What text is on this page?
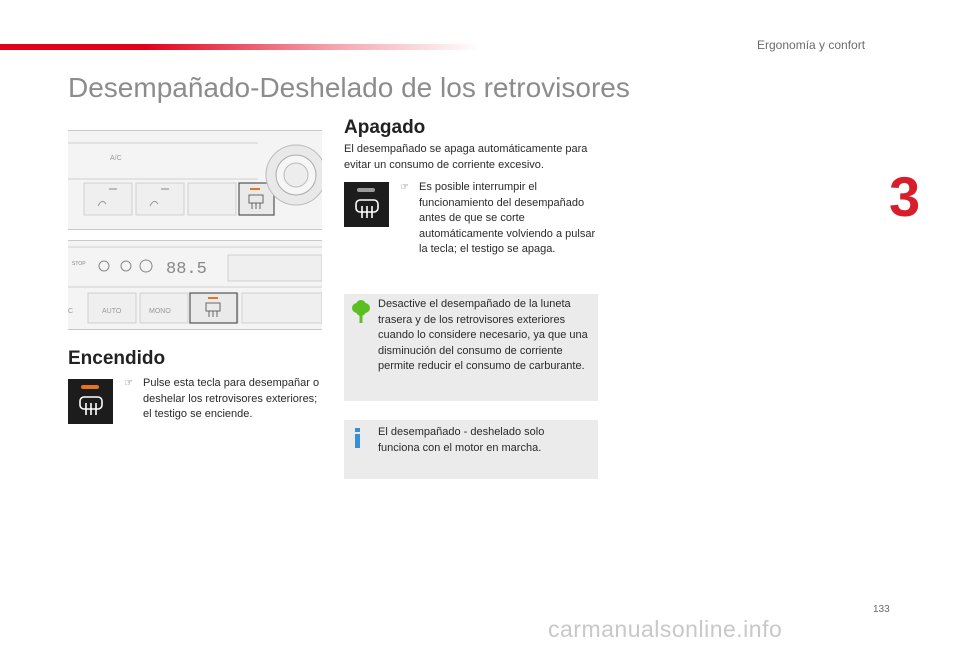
Ergonomía y confort
3
Desempañado-Deshelado de los retrovisores
A/C
STOP	88.5
C	AUTO	MONO
Encendido
☞ Pulse esta tecla para desempañar o deshelar los retrovisores exteriores; el testigo se enciende.
Apagado
El desempañado se apaga automáticamente para evitar un consumo de corriente excesivo.
☞ Es posible interrumpir el funcionamiento del desempañado antes de que se corte automáticamente volviendo a pulsar la tecla; el testigo se apaga.
Desactive el desempañado de la luneta trasera y de los retrovisores exteriores cuando lo considere necesario, ya que una disminución del consumo de corriente permite reducir el consumo de carburante.
El desempañado - deshelado solo funciona con el motor en marcha.
133
carmanualsonline.info
